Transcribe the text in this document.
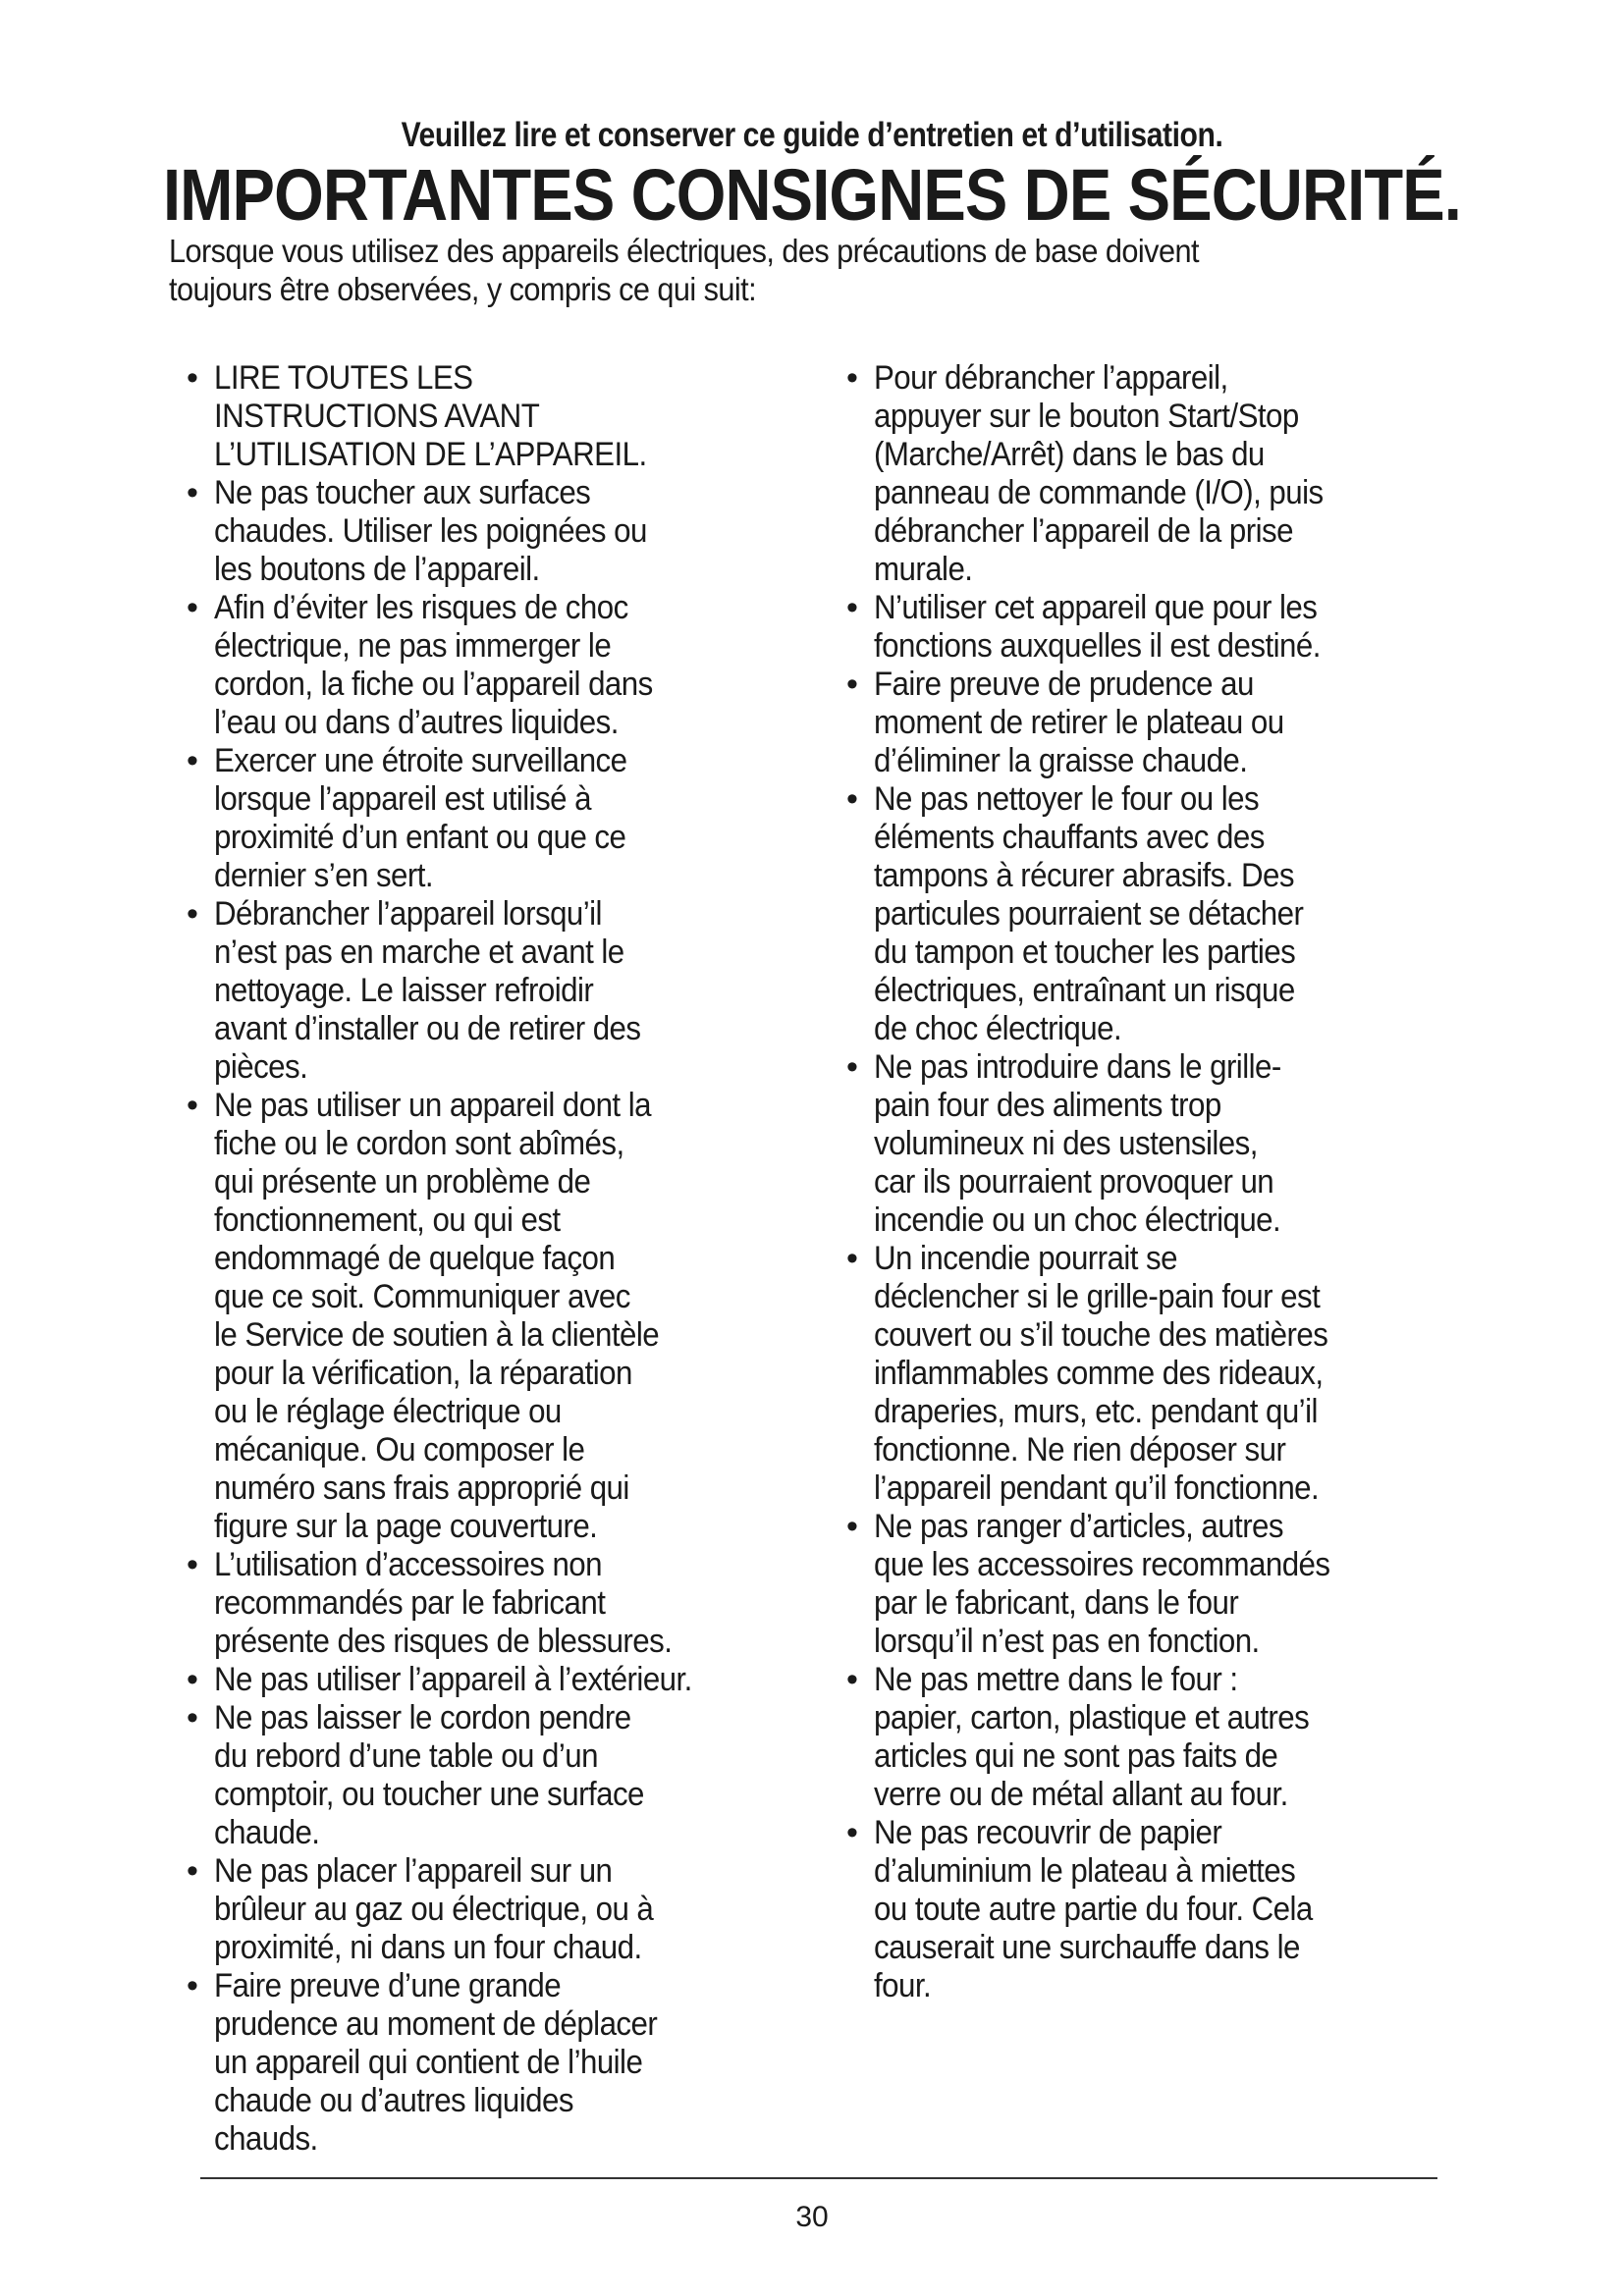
Veuillez lire et conserver ce guide d’entretien et d’utilisation.
IMPORTANTES CONSIGNES DE SÉCURITÉ.
Lorsque vous utilisez des appareils électriques, des précautions de base doivent
toujours être observées, y compris ce qui suit:
• LIRE TOUTES LES
INSTRUCTIONS AVANT
L’UTILISATION DE L’APPAREIL.
• Ne pas toucher aux surfaces
chaudes. Utiliser les poignées ou
les boutons de l’appareil.
• Afin d’éviter les risques de choc
électrique, ne pas immerger le
cordon, la fiche ou l’appareil dans
l’eau ou dans d’autres liquides.
• Exercer une étroite surveillance
lorsque l’appareil est utilisé à
proximité d’un enfant ou que ce
dernier s’en sert.
• Débrancher l’appareil lorsqu’il
n’est pas en marche et avant le
nettoyage. Le laisser refroidir
avant d’installer ou de retirer des
pièces.
• Ne pas utiliser un appareil dont la
fiche ou le cordon sont abîmés,
qui présente un problème de
fonctionnement, ou qui est
endommagé de quelque façon
que ce soit. Communiquer avec
le Service de soutien à la clientèle
pour la vérification, la réparation
ou le réglage électrique ou
mécanique. Ou composer le
numéro sans frais approprié qui
figure sur la page couverture.
• L’utilisation d’accessoires non
recommandés par le fabricant
présente des risques de blessures.
• Ne pas utiliser l’appareil à l’extérieur.
• Ne pas laisser le cordon pendre
du rebord d’une table ou d’un
comptoir, ou toucher une surface
chaude.
• Ne pas placer l’appareil sur un
brûleur au gaz ou électrique, ou à
proximité, ni dans un four chaud.
• Faire preuve d’une grande
prudence au moment de déplacer
un appareil qui contient de l’huile
chaude ou d’autres liquides
chauds.
• Pour débrancher l’appareil,
appuyer sur le bouton Start/Stop
(Marche/Arrêt) dans le bas du
panneau de commande (I/O), puis
débrancher l’appareil de la prise
murale.
• N’utiliser cet appareil que pour les
fonctions auxquelles il est destiné.
• Faire preuve de prudence au
moment de retirer le plateau ou
d’éliminer la graisse chaude.
• Ne pas nettoyer le four ou les
éléments chauffants avec des
tampons à récurer abrasifs. Des
particules pourraient se détacher
du tampon et toucher les parties
électriques, entraînant un risque
de choc électrique.
• Ne pas introduire dans le grille-
pain four des aliments trop
volumineux ni des ustensiles,
car ils pourraient provoquer un
incendie ou un choc électrique.
• Un incendie pourrait se
déclencher si le grille-pain four est
couvert ou s’il touche des matières
inflammables comme des rideaux,
draperies, murs, etc. pendant qu’il
fonctionne. Ne rien déposer sur
l’appareil pendant qu’il fonctionne.
• Ne pas ranger d’articles, autres
que les accessoires recommandés
par le fabricant, dans le four
lorsqu’il n’est pas en fonction.
• Ne pas mettre dans le four :
papier, carton, plastique et autres
articles qui ne sont pas faits de
verre ou de métal allant au four.
• Ne pas recouvrir de papier
d’aluminium le plateau à miettes
ou toute autre partie du four. Cela
causerait une surchauffe dans le
four.
30
